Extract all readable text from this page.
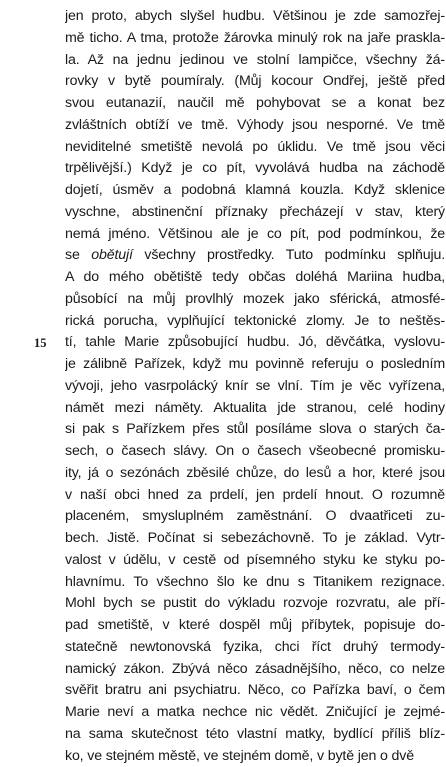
15
jen proto, abych slyšel hudbu. Většinou je zde samozřej-
mě ticho. A tma, protože žárovka minulý rok na jaře praskla-
la. Až na jednu jedinou ve stolní lampičce, všechny žá-
rovky v bytě poumíraly. (Můj kocour Ondřej, ještě před
svou eutanazií, naučil mě pohybovat se a konat bez
zvláštních obtíží ve tmě. Výhody jsou nesporné. Ve tmě
neviditelné smetiště nevolá po úklidu. Ve tmě jsou věci
trpělivější.) Když je co pít, vyvolává hudba na záchodě
dojetí, úsměv a podobná klamná kouzla. Když sklenice
vyschne, abstinenční příznaky přecházejí v stav, který
nemá jméno. Většinou ale je co pít, pod podmínkou, že
se obětují všechny prostředky. Tuto podmínku splňuju.
A do mého obětiště tedy občas doléhá Mariina hudba,
působící na můj provlhlý mozek jako sférická, atmosfé-
rická porucha, vyplňující tektonické zlomy. Je to neštěs-
tí, tahle Marie způsobující hudbu. Jó, děvčátka, vyslovu-
je zálibně Pařízek, když mu povinně referuju o posledním
vývoji, jeho vasrpolácký knír se vlní. Tím je věc vyřízena,
námět mezi náměty. Aktualita jde stranou, celé hodiny
si pak s Pařízkem přes stůl posíláme slova o starých ča-
sech, o časech slávy. On o časech všeobecné promisku-
ity, já o sezónách zběsilé chůze, do lesů a hor, které jsou
v naší obci hned za prdelí, jen prdelí hnout. O rozumně
placeném, smysluplném zaměstnání. O dvaatřiceti zu-
bech. Jistě. Počínat si sebezáchovně. To je základ. Vytr-
valost v údělu, v cestě od písemného styku ke styku po-
hlavnímu. To všechno šlo ke dnu s Titanikem rezignace.
Mohl bych se pustit do výkladu rozvoje rozvratu, ale pří-
pad smetiště, v které dospěl můj příbytek, popisuje do-
statečně newtonovská fyzika, chci říct druhý termody-
namický zákon. Zbývá něco zásadnějšího, něco, co nelze
svěřit bratru ani psychiatru. Něco, co Pařízka baví, o čem
Marie neví a matka nechce nic vědět. Zničující je zejmé-
na sama skutečnost této vlastní matky, bydlící příliš blíz-
ko, ve stejném městě, ve stejném domě, v bytě jen o dvě
